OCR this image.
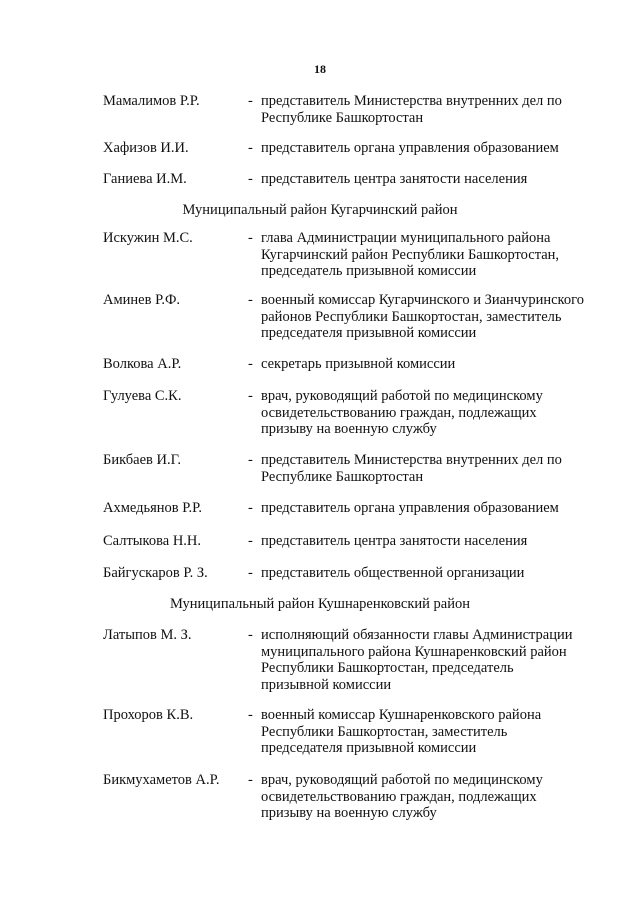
18
Мамалимов Р.Р.	- представитель Министерства внутренних дел по
Республике Башкортостан
Хафизов И.И.	- представитель органа управления образованием
Ганиева И.М.	- представитель центра занятости населения
Муниципальный район Кугарчинский район
Искужин М.С.	- глава Администрации муниципального района
Кугарчинский район Республики Башкортостан,
председатель призывной комиссии
Аминев Р.Ф.	- военный комиссар Кугарчинского и Зианчуринского
районов Республики Башкортостан, заместитель
председателя призывной комиссии
Волкова А.Р.	- секретарь призывной комиссии
Гулуева С.К.	- врач, руководящий работой по медицинскому
освидетельствованию граждан, подлежащих
призыву на военную службу
Бикбаев И.Г.	- представитель Министерства внутренних дел по
Республике Башкортостан
Ахмедьянов Р.Р.	- представитель органа управления образованием
Салтыкова Н.Н.	- представитель центра занятости населения
Байгускаров Р. З.	- представитель общественной организации
Муниципальный район Кушнаренковский район
Латыпов М. З.	- исполняющий обязанности главы Администрации
муниципального района Кушнаренковский район
Республики Башкортостан, председатель
призывной комиссии
Прохоров К.В.	- военный комиссар Кушнаренковского района
Республики Башкортостан, заместитель
председателя призывной комиссии
Бикмухаметов А.Р. - врач, руководящий работой по медицинскому
освидетельствованию граждан, подлежащих
призыву на военную службу
